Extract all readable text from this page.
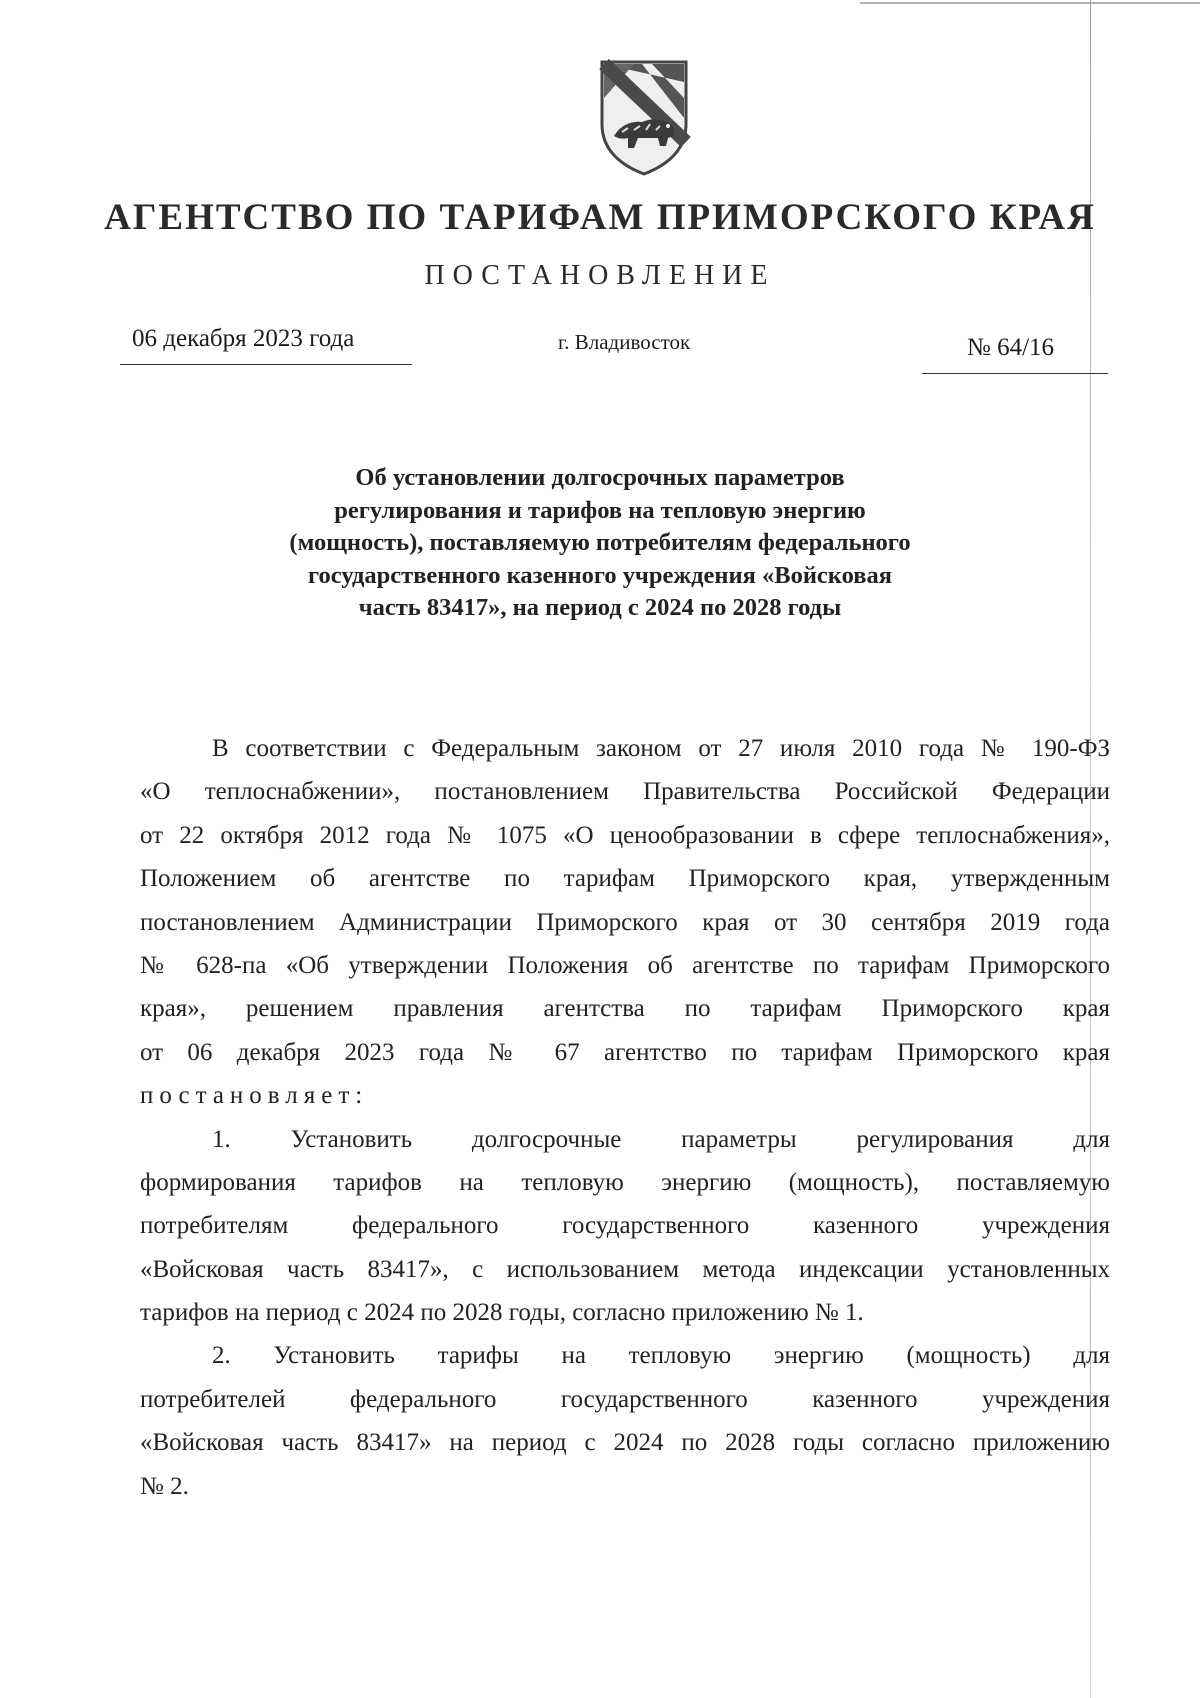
АГЕНТСТВО ПО ТАРИФАМ ПРИМОРСКОГО КРАЯ
ПОСТАНОВЛЕНИЕ
06 декабря 2023 года	г. Владивосток	№ 64/16
Об установлении долгосрочных параметров
регулирования и тарифов на тепловую энергию
(мощность), поставляемую потребителям федерального
государственного казенного учреждения «Войсковая
часть 83417», на период с 2024 по 2028 годы
В соответствии с Федеральным законом от 27 июля 2010 года № 190-ФЗ
«О теплоснабжении», постановлением Правительства Российской Федерации
от 22 октября 2012 года № 1075 «О ценообразовании в сфере теплоснабжения»,
Положением об агентстве по тарифам Приморского края, утвержденным
постановлением Администрации Приморского края от 30 сентября 2019 года
№ 628-па «Об утверждении Положения об агентстве по тарифам Приморского
края», решением правления агентства по тарифам Приморского края
от 06 декабря 2023 года № 67 агентство по тарифам Приморского края
постановляет:
1. Установить долгосрочные параметры регулирования для
формирования тарифов на тепловую энергию (мощность), поставляемую
потребителям федерального государственного казенного учреждения
«Войсковая часть 83417», с использованием метода индексации установленных
тарифов на период с 2024 по 2028 годы, согласно приложению № 1.
2. Установить тарифы на тепловую энергию (мощность) для
потребителей федерального государственного казенного учреждения
«Войсковая часть 83417» на период с 2024 по 2028 годы согласно приложению
№ 2.
